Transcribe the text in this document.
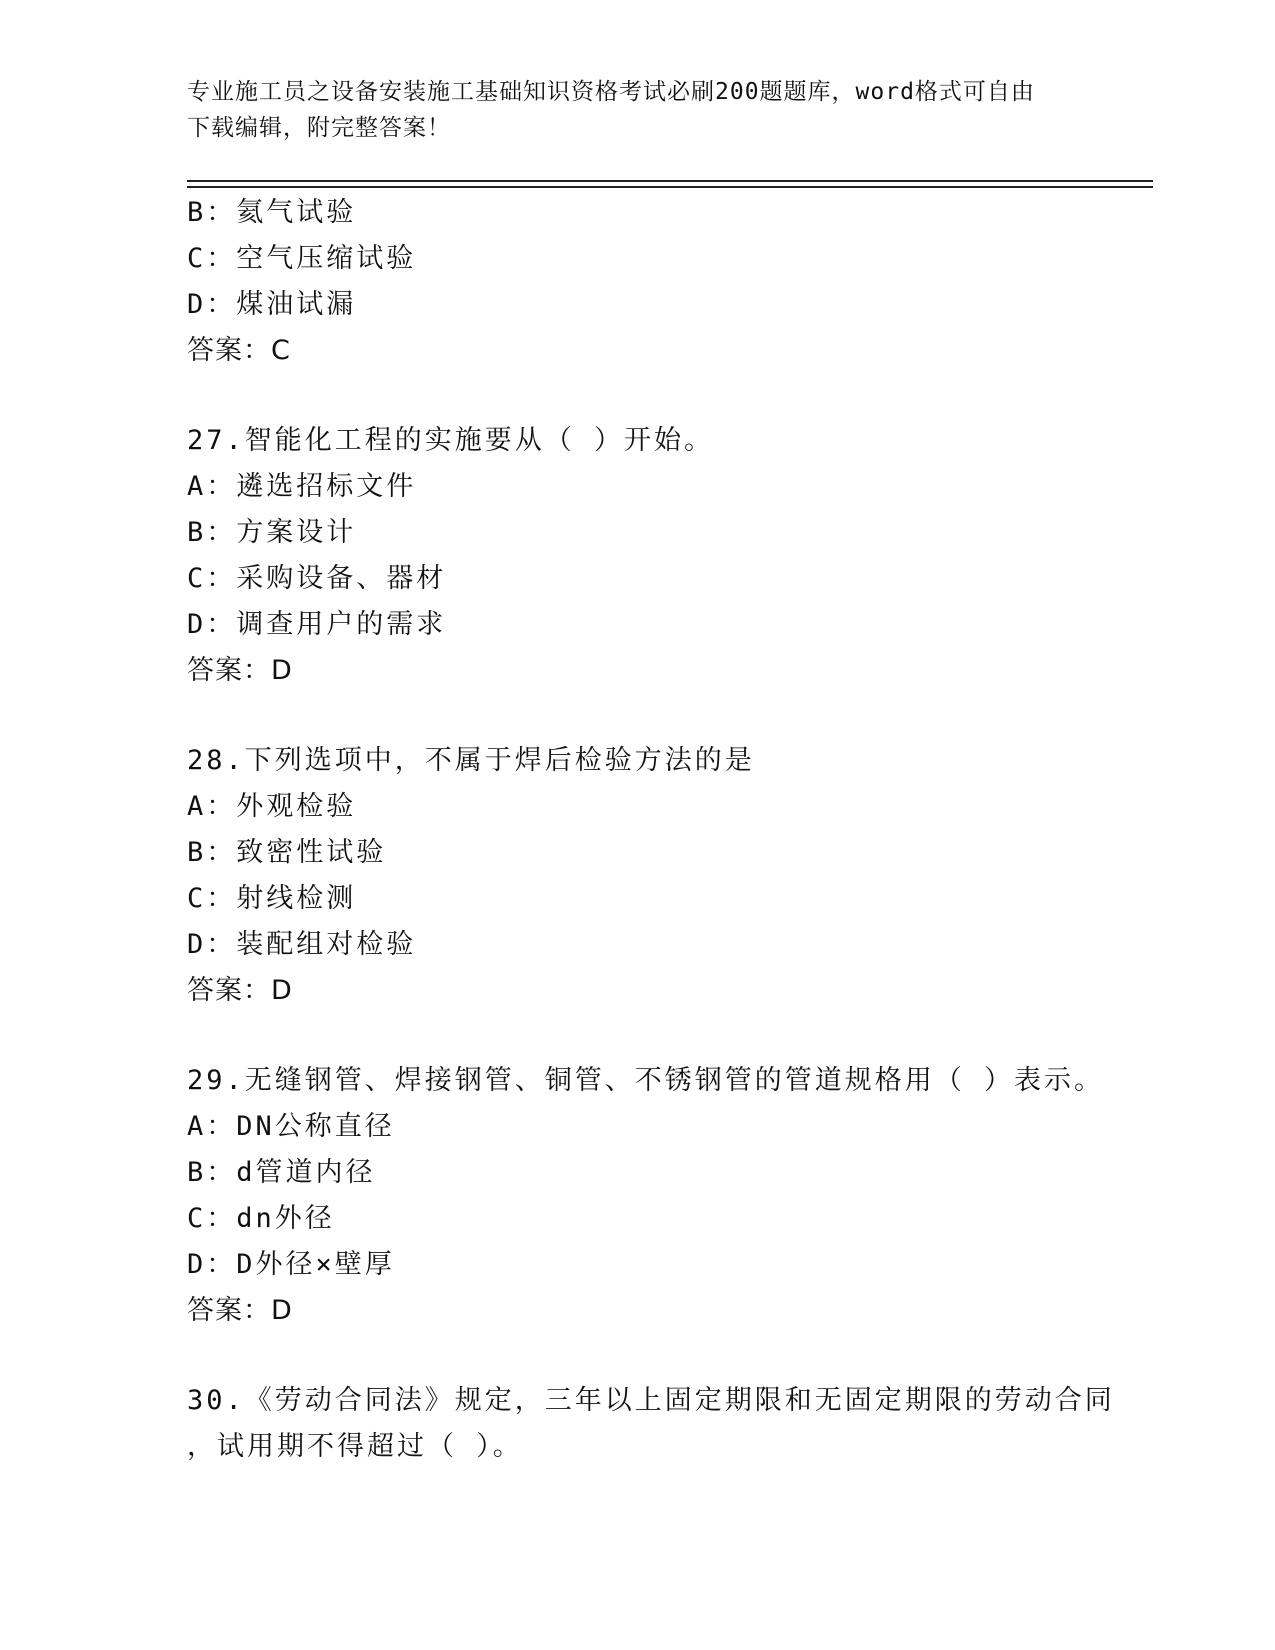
专业施工员之设备安装施工基础知识资格考试必刷200题题库，word格式可自由
下载编辑，附完整答案！
B：氦气试验
C：空气压缩试验
D：煤油试漏
答案：C
27.智能化工程的实施要从（ ）开始。
A：遴选招标文件
B：方案设计
C：采购设备、器材
D：调查用户的需求
答案：D
28.下列选项中，不属于焊后检验方法的是
A：外观检验
B：致密性试验
C：射线检测
D：装配组对检验
答案：D
29.无缝钢管、焊接钢管、铜管、不锈钢管的管道规格用（ ）表示。
A：DN公称直径
B：d管道内径
C：dn外径
D：D外径×壁厚
答案：D
30.《劳动合同法》规定，三年以上固定期限和无固定期限的劳动合同
，试用期不得超过（ ）。
